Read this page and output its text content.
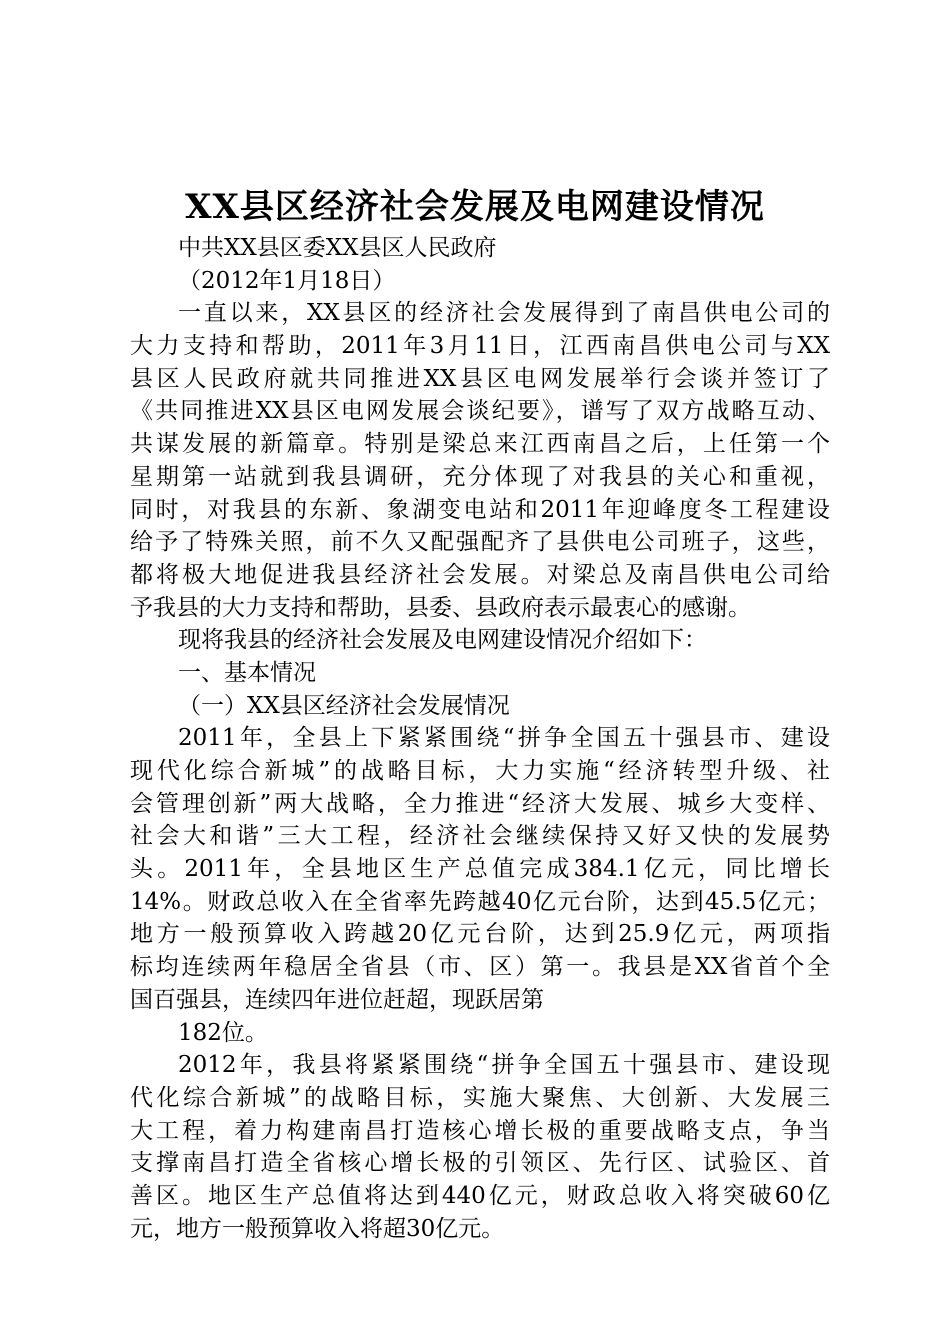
XX县区经济社会发展及电网建设情况
中共XX县区委XX县区人民政府
（2012年1月18日）
一直以来，XX县区的经济社会发展得到了南昌供电公司的
大力支持和帮助，2011年3月11日，江西南昌供电公司与XX
县区人民政府就共同推进XX县区电网发展举行会谈并签订了
《共同推进XX县区电网发展会谈纪要》，谱写了双方战略互动、
共谋发展的新篇章。特别是梁总来江西南昌之后，上任第一个
星期第一站就到我县调研，充分体现了对我县的关心和重视，
同时，对我县的东新、象湖变电站和2011年迎峰度冬工程建设
给予了特殊关照，前不久又配强配齐了县供电公司班子，这些，
都将极大地促进我县经济社会发展。对梁总及南昌供电公司给
予我县的大力支持和帮助，县委、县政府表示最衷心的感谢。
现将我县的经济社会发展及电网建设情况介绍如下：
一、基本情况
（一）XX县区经济社会发展情况
2011年，全县上下紧紧围绕“拼争全国五十强县市、建设
现代化综合新城”的战略目标，大力实施“经济转型升级、社
会管理创新”两大战略，全力推进“经济大发展、城乡大变样、
社会大和谐”三大工程，经济社会继续保持又好又快的发展势
头。2011年，全县地区生产总值完成384.1亿元，同比增长
14%。财政总收入在全省率先跨越40亿元台阶，达到45.5亿元；
地方一般预算收入跨越20亿元台阶，达到25.9亿元，两项指
标均连续两年稳居全省县（市、区）第一。我县是XX省首个全
国百强县，连续四年进位赶超，现跃居第
182位。
2012年，我县将紧紧围绕“拼争全国五十强县市、建设现
代化综合新城”的战略目标，实施大聚焦、大创新、大发展三
大工程，着力构建南昌打造核心增长极的重要战略支点，争当
支撑南昌打造全省核心增长极的引领区、先行区、试验区、首
善区。地区生产总值将达到440亿元，财政总收入将突破60亿
元，地方一般预算收入将超30亿元。
